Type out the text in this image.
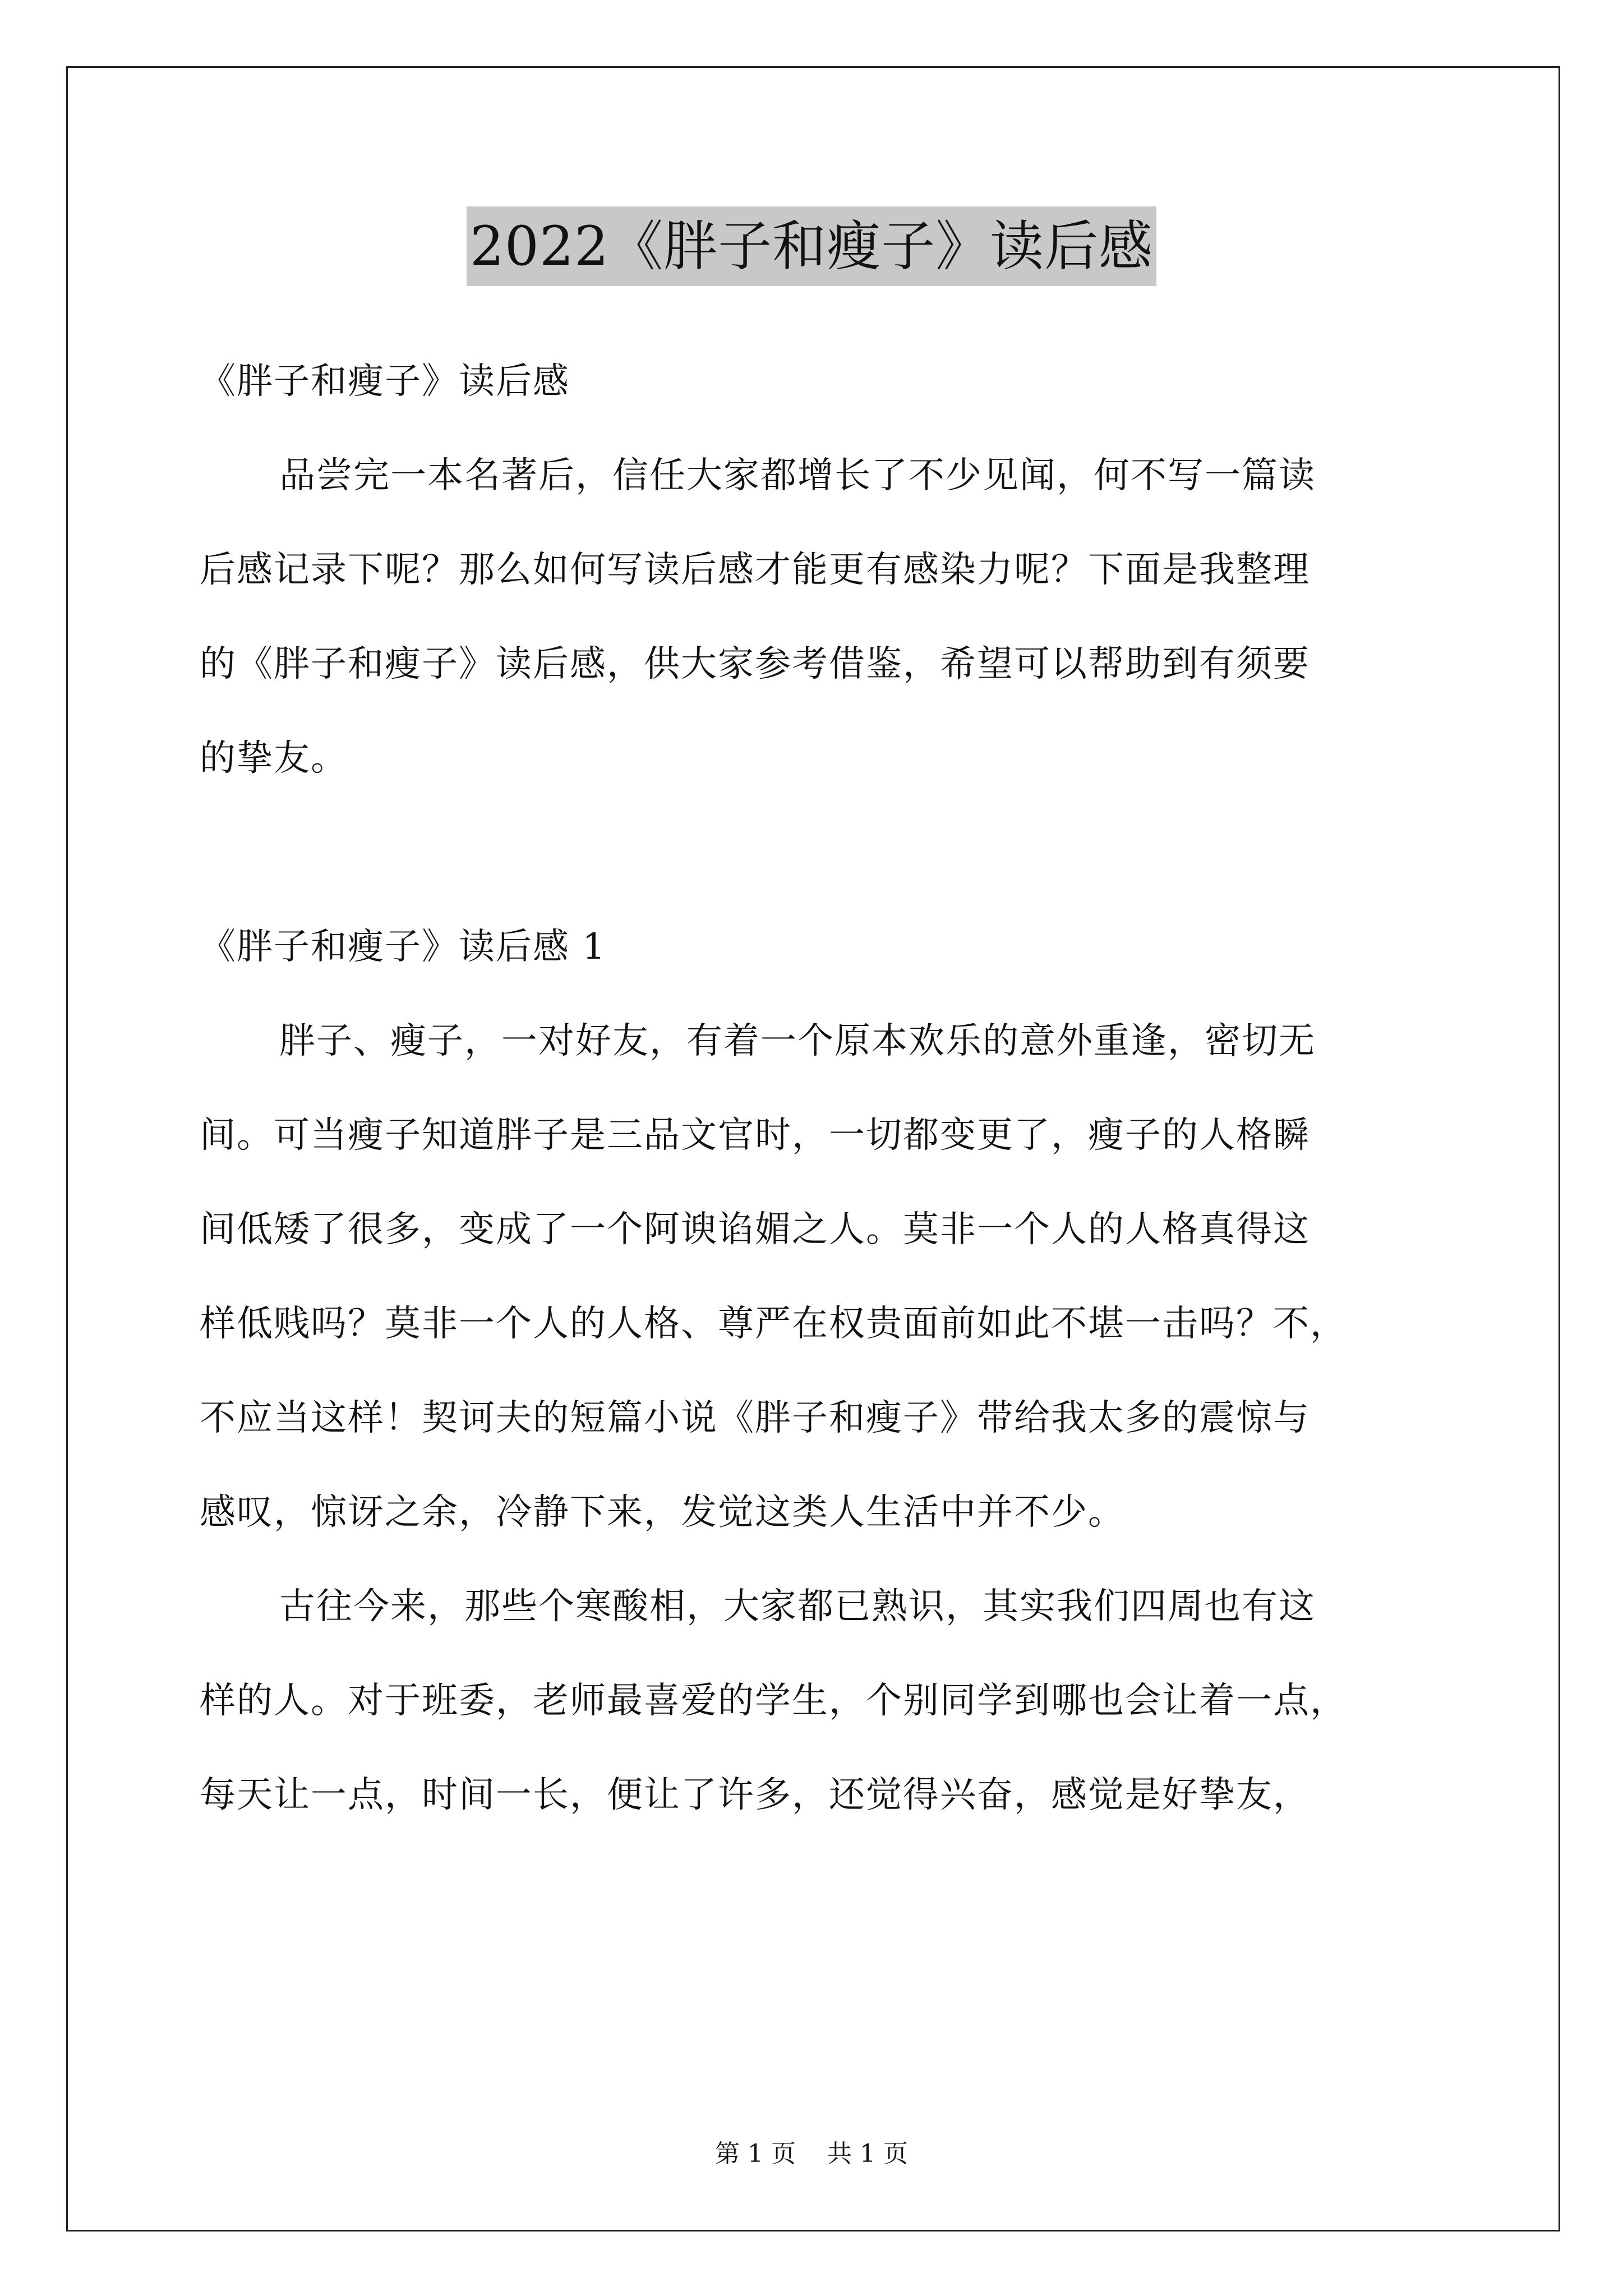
2022《胖子和瘦子》读后感

《胖子和瘦子》读后感

品尝完一本名著后，信任大家都增长了不少见闻，何不写一篇读
后感记录下呢？那么如何写读后感才能更有感染力呢？下面是我整理
的《胖子和瘦子》读后感，供大家参考借鉴，希望可以帮助到有须要
的挚友。

《胖子和瘦子》读后感 1

胖子、瘦子，一对好友，有着一个原本欢乐的意外重逢，密切无
间。可当瘦子知道胖子是三品文官时，一切都变更了，瘦子的人格瞬
间低矮了很多，变成了一个阿谀谄媚之人。莫非一个人的人格真得这
样低贱吗？莫非一个人的人格、尊严在权贵面前如此不堪一击吗？不，
不应当这样！契诃夫的短篇小说《胖子和瘦子》带给我太多的震惊与
感叹，惊讶之余，冷静下来，发觉这类人生活中并不少。

古往今来，那些个寒酸相，大家都已熟识，其实我们四周也有这
样的人。对于班委，老师最喜爱的学生，个别同学到哪也会让着一点，
每天让一点，时间一长，便让了许多，还觉得兴奋，感觉是好挚友，

第 1 页 共 1 页
